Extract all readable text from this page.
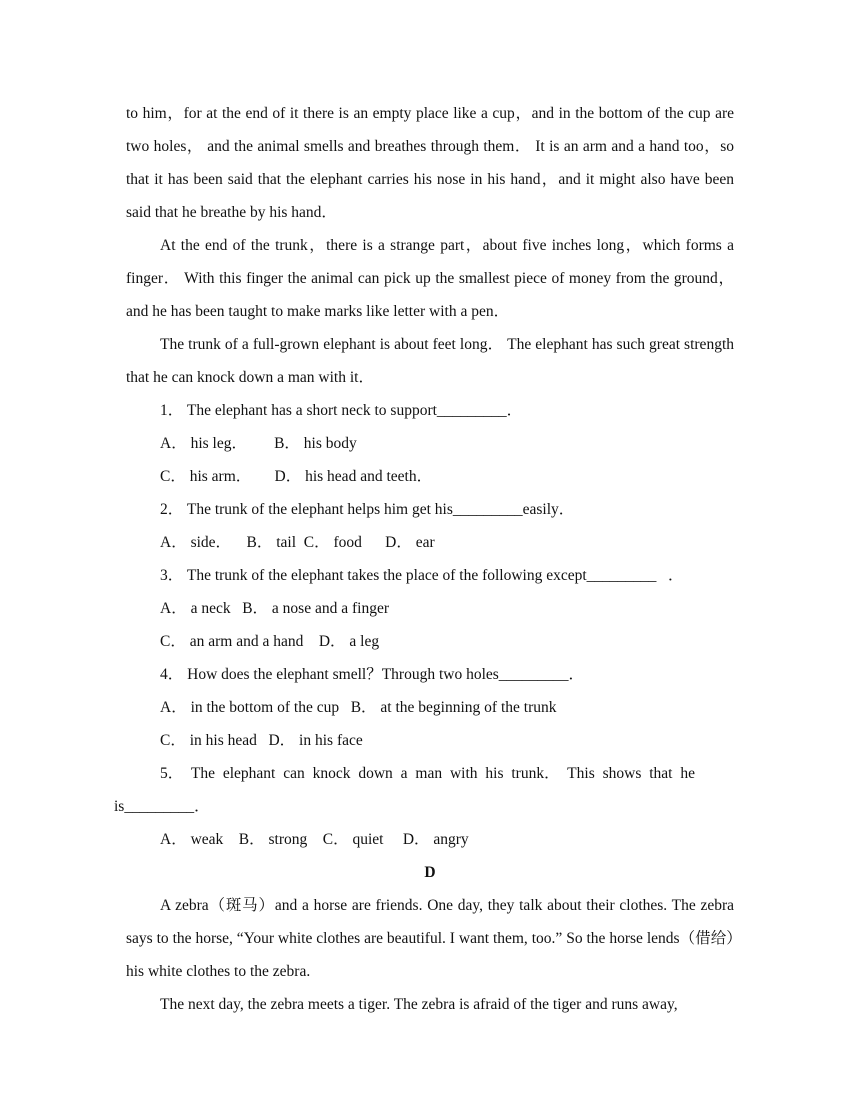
to him，for at the end of it there is an empty place like a cup，and in the bottom of the cup are two holes， and the animal smells and breathes through them． It is an arm and a hand too，so that it has been said that the elephant carries his nose in his hand，and it might also have been said that he breathe by his hand．

At the end of the trunk，there is a strange part，about five inches long，which forms a finger． With this finger the animal can pick up the smallest piece of money from the ground，and he has been taught to make marks like letter with a pen．

The trunk of a full-grown elephant is about feet long． The elephant has such great strength that he can knock down a man with it．

1． The elephant has a short neck to support_________．

A． his leg．       B． his body

C． his arm．      D． his head and teeth．

2． The trunk of the elephant helps him get his_________easily．

A． side．    B． tail  C． food      D． ear

3． The trunk of the elephant takes the place of the following except_________   ．

A． a neck   B． a nose and a finger

C． an arm and a hand    D． a leg

4． How does the elephant smell？Through two holes_________．

A． in the bottom of the cup   B． at the beginning of the trunk

C． in his head   D． in his face

5． The elephant can knock down a man with his trunk． This shows that he

is_________．

A． weak    B． strong    C． quiet     D． angry

D

A zebra（斑马）and a horse are friends. One day, they talk about their clothes. The zebra says to the horse, “Your white clothes are beautiful. I want them, too.” So the horse lends（借给）his white clothes to the zebra.

The next day, the zebra meets a tiger. The zebra is afraid of the tiger and runs away,
